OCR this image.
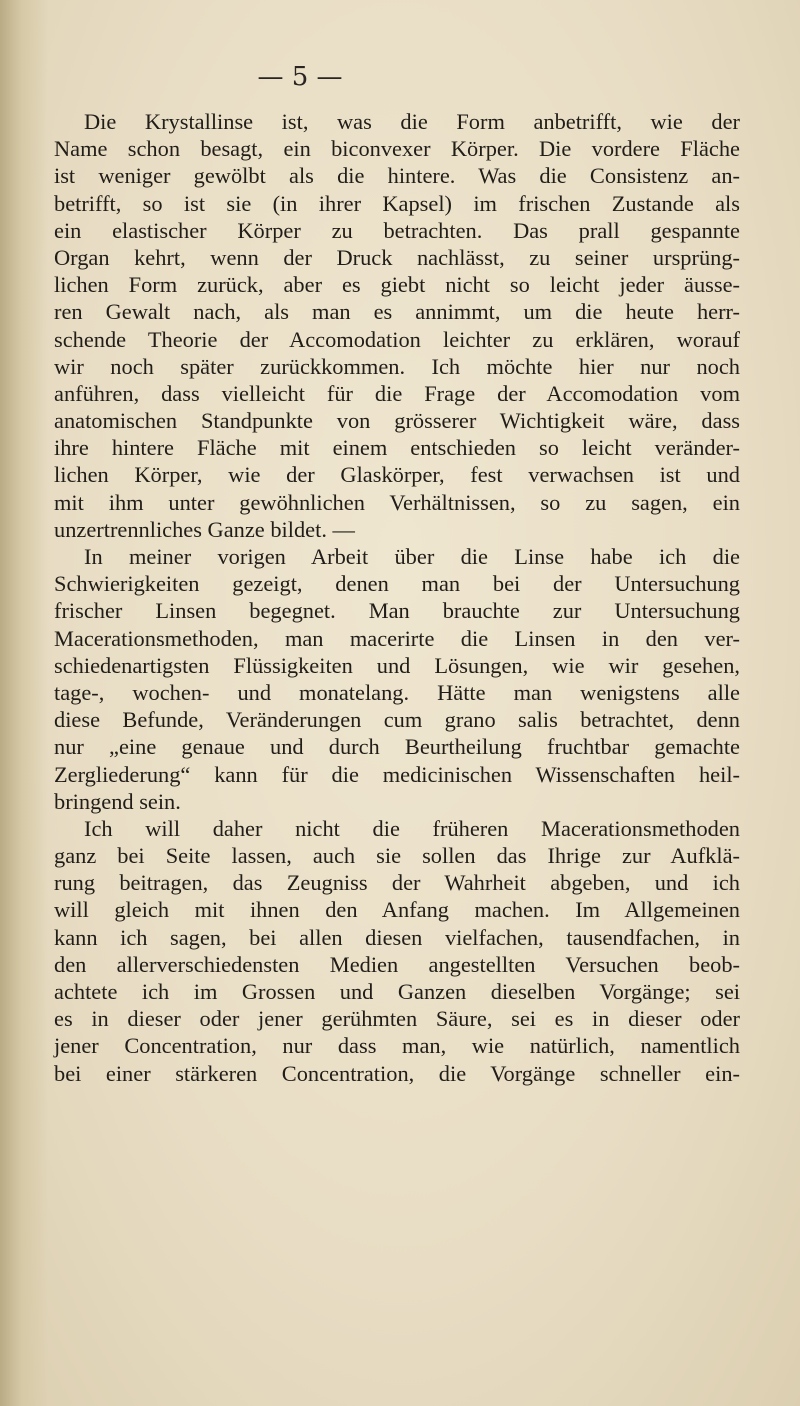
— 5 —
Die Krystallinse ist, was die Form anbetrifft, wie der
Name schon besagt, ein biconvexer Körper. Die vordere Fläche
ist weniger gewölbt als die hintere. Was die Consistenz an-
betrifft, so ist sie (in ihrer Kapsel) im frischen Zustande als
ein elastischer Körper zu betrachten. Das prall gespannte
Organ kehrt, wenn der Druck nachlässt, zu seiner ursprüng-
lichen Form zurück, aber es giebt nicht so leicht jeder äusse-
ren Gewalt nach, als man es annimmt, um die heute herr-
schende Theorie der Accomodation leichter zu erklären, worauf
wir noch später zurückkommen. Ich möchte hier nur noch
anführen, dass vielleicht für die Frage der Accomodation vom
anatomischen Standpunkte von grösserer Wichtigkeit wäre, dass
ihre hintere Fläche mit einem entschieden so leicht veränder-
lichen Körper, wie der Glaskörper, fest verwachsen ist und
mit ihm unter gewöhnlichen Verhältnissen, so zu sagen, ein
unzertrennliches Ganze bildet. —
In meiner vorigen Arbeit über die Linse habe ich die
Schwierigkeiten gezeigt, denen man bei der Untersuchung
frischer Linsen begegnet. Man brauchte zur Untersuchung
Macerationsmethoden, man macerirte die Linsen in den ver-
schiedenartigsten Flüssigkeiten und Lösungen, wie wir gesehen,
tage-, wochen- und monatelang. Hätte man wenigstens alle
diese Befunde, Veränderungen cum grano salis betrachtet, denn
nur „eine genaue und durch Beurtheilung fruchtbar gemachte
Zergliederung“ kann für die medicinischen Wissenschaften heil-
bringend sein.
Ich will daher nicht die früheren Macerationsmethoden
ganz bei Seite lassen, auch sie sollen das Ihrige zur Aufklä-
rung beitragen, das Zeugniss der Wahrheit abgeben, und ich
will gleich mit ihnen den Anfang machen. Im Allgemeinen
kann ich sagen, bei allen diesen vielfachen, tausendfachen, in
den allerverschiedensten Medien angestellten Versuchen beob-
achtete ich im Grossen und Ganzen dieselben Vorgänge; sei
es in dieser oder jener gerühmten Säure, sei es in dieser oder
jener Concentration, nur dass man, wie natürlich, namentlich
bei einer stärkeren Concentration, die Vorgänge schneller ein-
